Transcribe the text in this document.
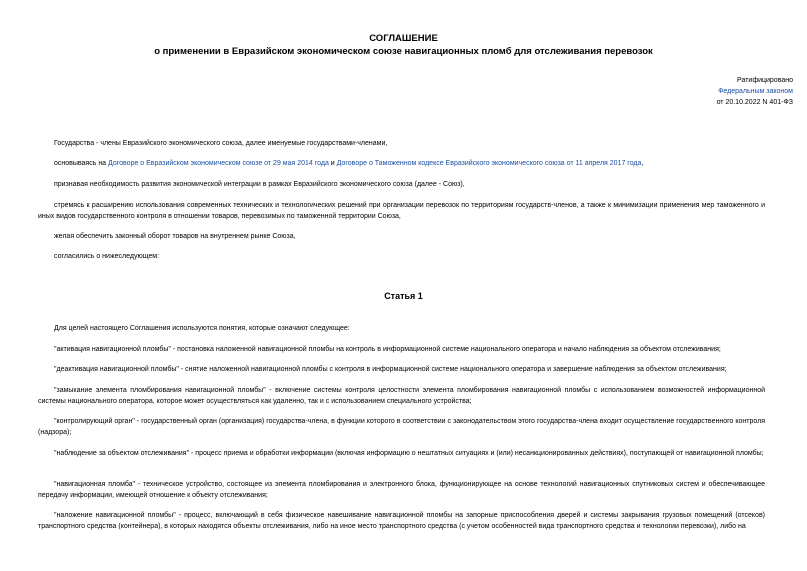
СОГЛАШЕНИЕ
о применении в Евразийском экономическом союзе навигационных пломб для отслеживания перевозок
Ратифицировано
Федеральным законом
от 20.10.2022 N 401-ФЗ
Государства - члены Евразийского экономического союза, далее именуемые государствами-членами,
основываясь на Договоре о Евразийском экономическом союзе от 29 мая 2014 года и Договоре о Таможенном кодексе Евразийского экономического союза от 11 апреля 2017 года,
признавая необходимость развития экономической интеграции в рамках Евразийского экономического союза (далее - Союз),
стремясь к расширению использования современных технических и технологических решений при организации перевозок по территориям государств-членов, а также к минимизации применения мер таможенного и иных видов государственного контроля в отношении товаров, перевозимых по таможенной территории Союза,
желая обеспечить законный оборот товаров на внутреннем рынке Союза,
согласились о нижеследующем:
Статья 1
Для целей настоящего Соглашения используются понятия, которые означают следующее:
"активация навигационной пломбы" - постановка наложенной навигационной пломбы на контроль в информационной системе национального оператора и начало наблюдения за объектом отслеживания;
"деактивация навигационной пломбы" - снятие наложенной навигационной пломбы с контроля в информационной системе национального оператора и завершение наблюдения за объектом отслеживания;
"замыкание элемента пломбирования навигационной пломбы" - включение системы контроля целостности элемента пломбирования навигационной пломбы с использованием возможностей информационной системы национального оператора, которое может осуществляться как удаленно, так и с использованием специального устройства;
"контролирующий орган" - государственный орган (организация) государства-члена, в функции которого в соответствии с законодательством этого государства-члена входит осуществление государственного контроля (надзора);
"наблюдение за объектом отслеживания" - процесс приема и обработки информации (включая информацию о нештатных ситуациях и (или) несанкционированных действиях), поступающей от навигационной пломбы;
"навигационная пломба" - техническое устройство, состоящее из элемента пломбирования и электронного блока, функционирующее на основе технологий навигационных спутниковых систем и обеспечивающее передачу информации, имеющей отношение к объекту отслеживания;
"наложение навигационной пломбы" - процесс, включающий в себя физическое навешивание навигационной пломбы на запорные приспособления дверей и системы закрывания грузовых помещений (отсеков) транспортного средства (контейнера), в которых находятся объекты отслеживания, либо на иное место транспортного средства (с учетом особенностей вида транспортного средства и технологии перевозки), либо на
